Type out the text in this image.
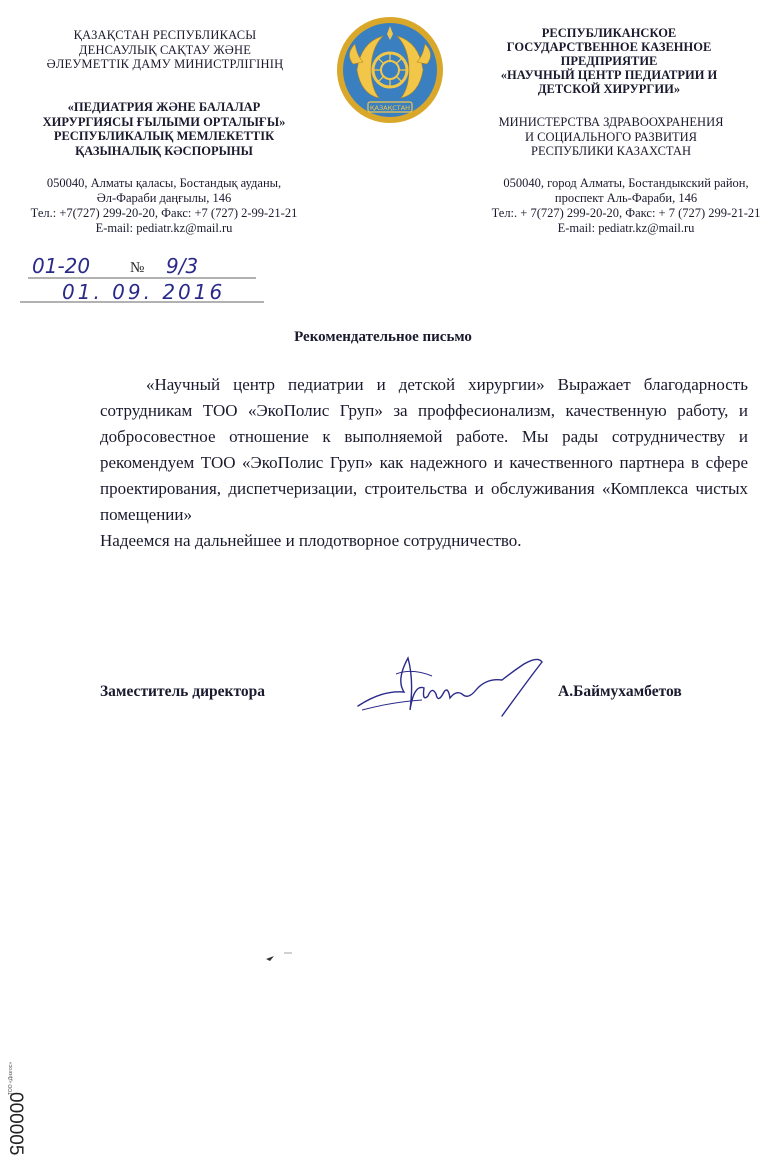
ҚАЗАҚСТАН РЕСПУБЛИКАСЫ
ДЕНСАУЛЫҚ САҚТАУ ЖӘНЕ
ӘЛЕУМЕТТІК ДАМУ МИНИСТРЛІГІНІҢ
«ПЕДИАТРИЯ ЖӘНЕ БАЛАЛАР
ХИРУРГИЯСЫ ҒЫЛЫМИ ОРТАЛЫҒЫ»
РЕСПУБЛИКАЛЫҚ МЕМЛЕКЕТТІК
ҚАЗЫНАЛЫҚ КӘСПОРЫНЫ
050040, Алматы қаласы, Бостандық ауданы,
Әл-Фараби даңғылы, 146
Тел.: +7(727) 299-20-20, Факс: +7 (727) 2-99-21-21
E-mail: pediatr.kz@mail.ru
ҚАЗАҚСТАН
РЕСПУБЛИКАНСКОЕ
ГОСУДАРСТВЕННОЕ КАЗЕННОЕ
ПРЕДПРИЯТИЕ
«НАУЧНЫЙ ЦЕНТР ПЕДИАТРИИ И
ДЕТСКОЙ ХИРУРГИИ»
МИНИСТЕРСТВА ЗДРАВООХРАНЕНИЯ
И СОЦИАЛЬНОГО РАЗВИТИЯ
РЕСПУБЛИКИ КАЗАХСТАН
050040, город Алматы, Бостандыкский район,
проспект Аль-Фараби, 146
Тел:. + 7(727) 299-20-20, Факс: + 7 (727) 299-21-21
E-mail: pediatr.kz@mail.ru
01-20	№ 9/3
01. 09. 2016
Рекомендательное письмо

«Научный центр педиатрии и детской хирургии» Выражает благодарность сотрудникам ТОО «ЭкоПолис Груп» за проффесионализм, качественную работу, и добросовестное отношение к выполняемой работе. Мы рады сотрудничеству и рекомендуем ТОО «ЭкоПолис Груп» как надежного и качественного партнера в сфере проектирования, диспетчеризации, строительства и обслуживания «Комплекса чистых помещении»

Надеемся на дальнейшее и плодотворное сотрудничество.

Заместитель директора	А.Баймухамбетов
ТОО «Дизгос»
000005
